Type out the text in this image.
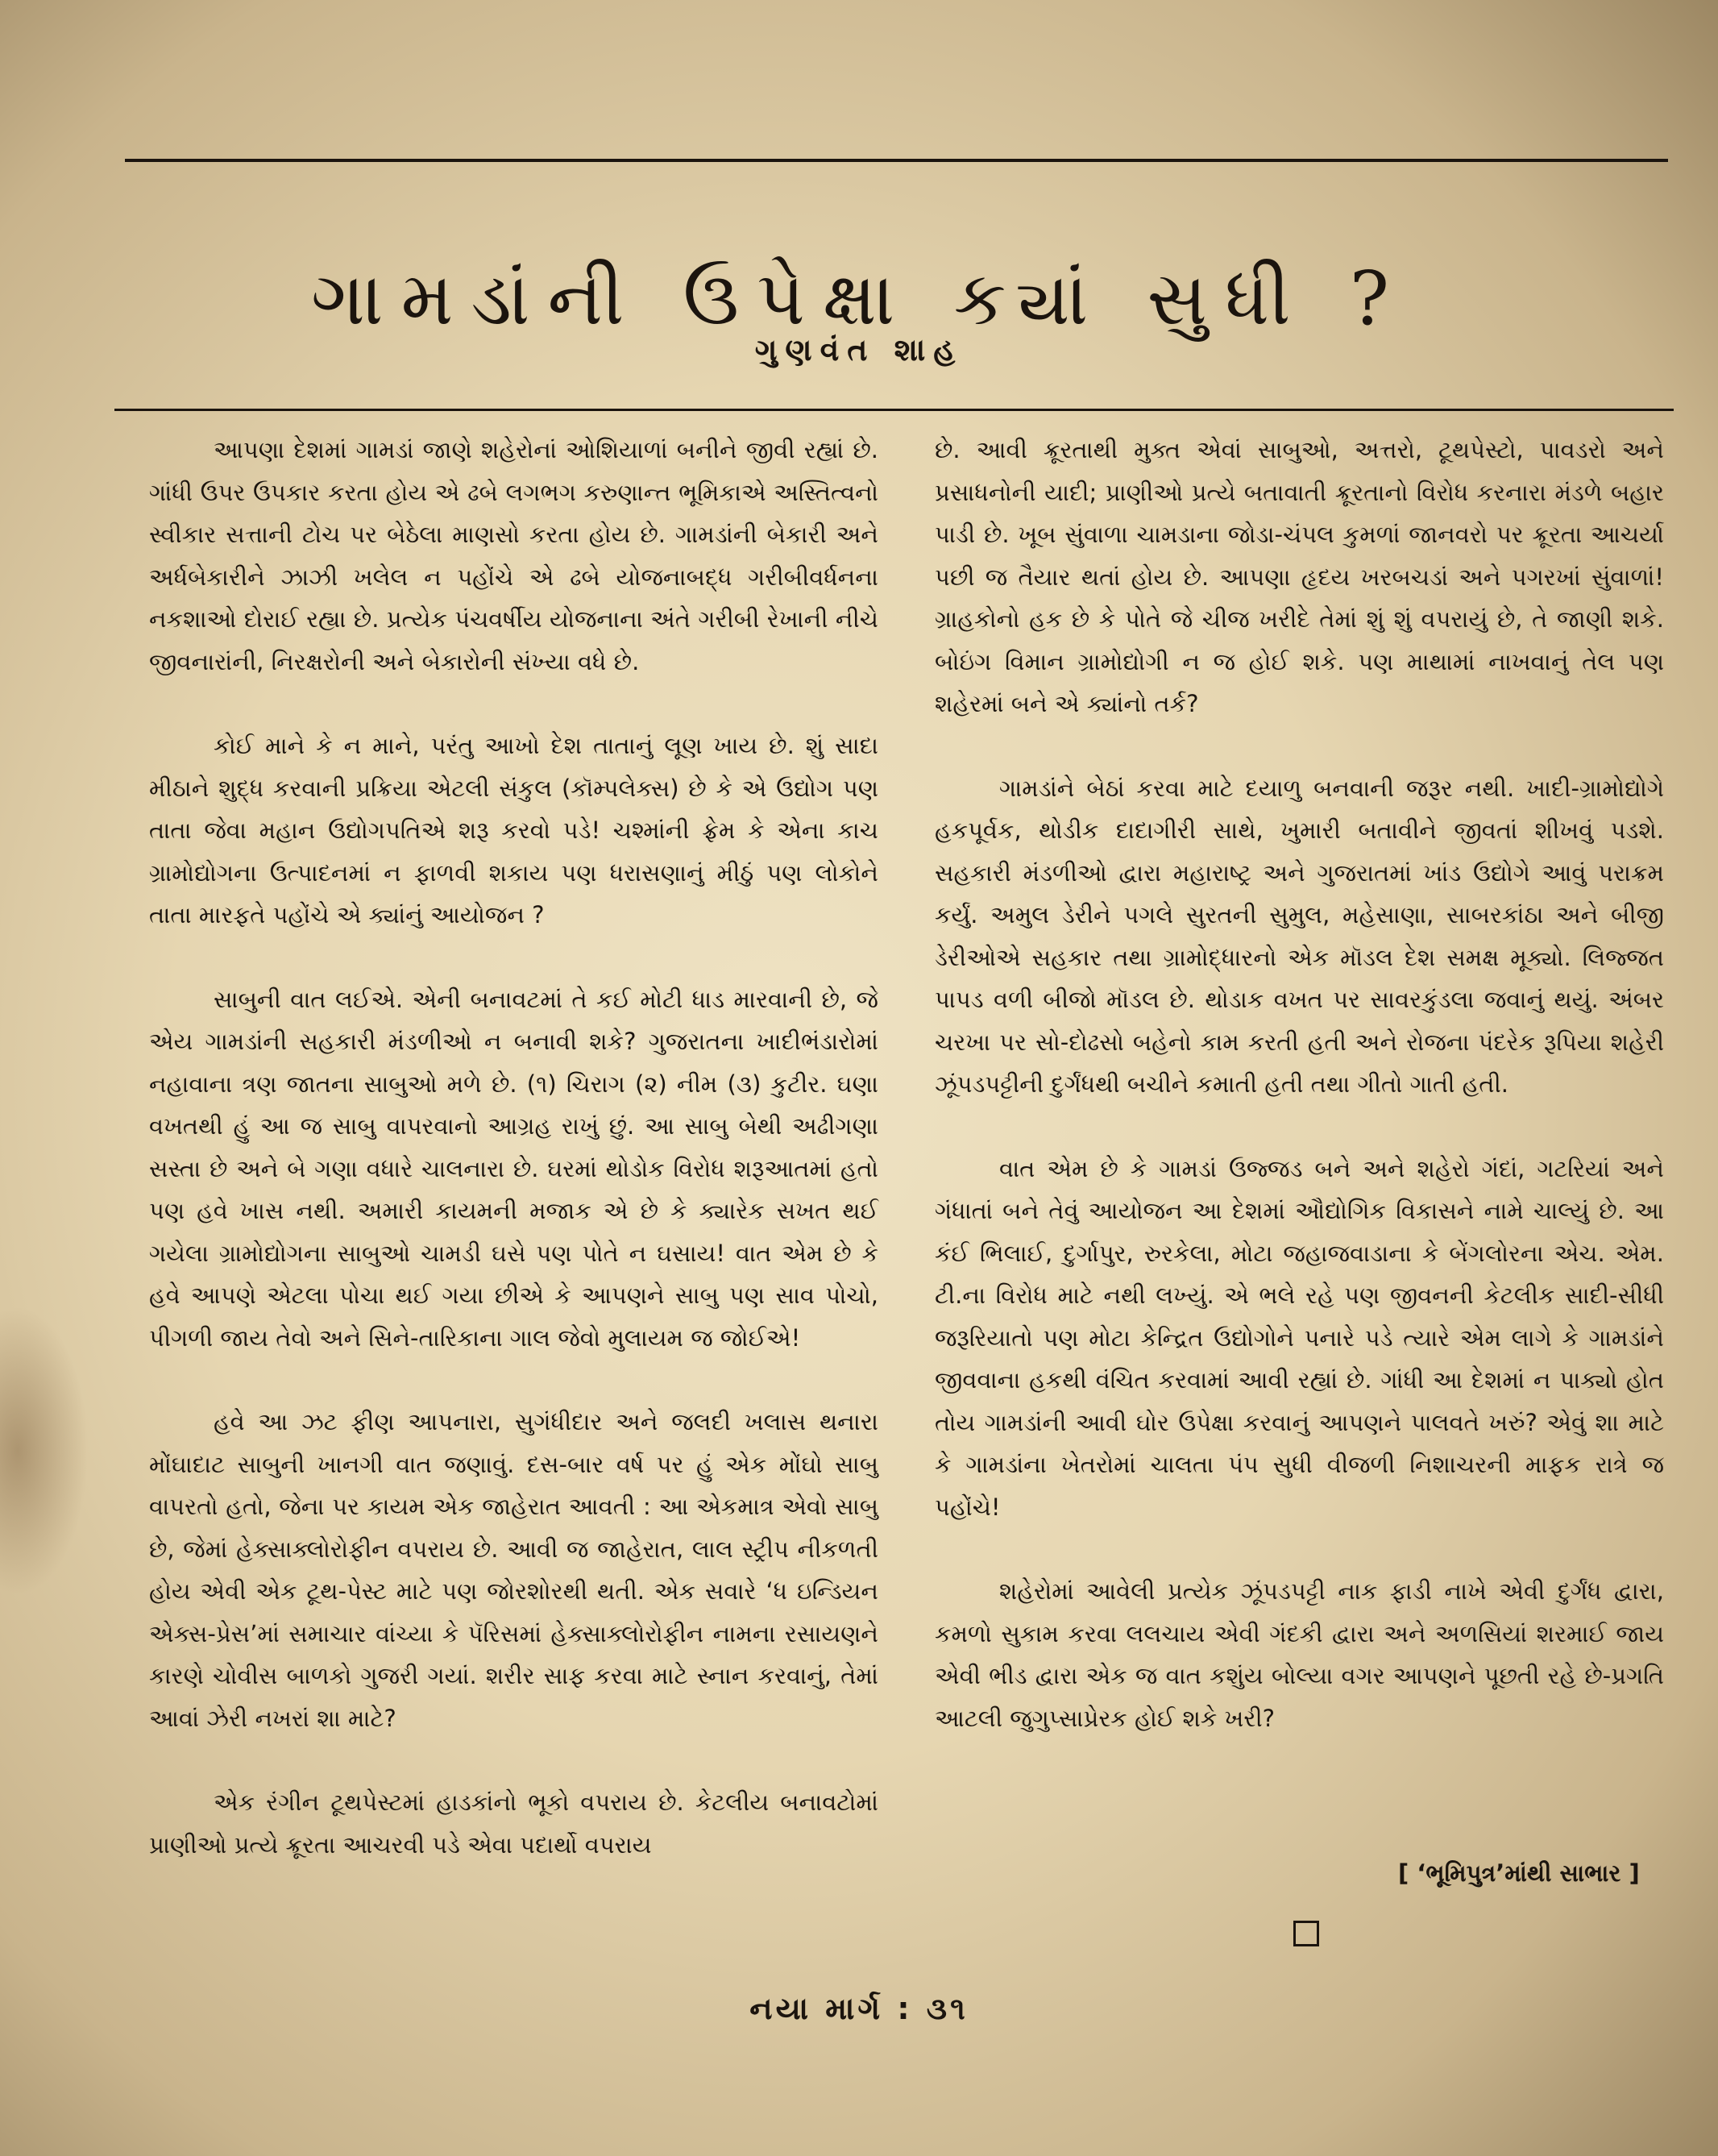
ગામડાંની ઉપેક્ષા ક્યાં સુધી ?
ગુણવંત શાહ

આપણા દેશમાં ગામડાં જાણે શહેરોનાં ઓશિયાળાં બનીને જીવી રહ્યાં છે. ગાંધી ઉપર ઉપકાર કરતા હોય એ ઢબે લગભગ કરુણાન્ત ભૂમિકાએ અસ્તિત્વનો સ્વીકાર સત્તાની ટોચ પર બેઠેલા માણસો કરતા હોય છે. ગામડાંની બેકારી અને અર્ધબેકારીને ઝાઝી ખલેલ ન પહોંચે એ ઢબે યોજનાબદ્ધ ગરીબીવર્ધનના નકશાઓ દોરાઈ રહ્યા છે. પ્રત્યેક પંચવર્ષીય યોજનાના અંતે ગરીબી રેખાની નીચે જીવનારાંની, નિરક્ષરોની અને બેકારોની સંખ્યા વધે છે.

કોઈ માને કે ન માને, પરંતુ આખો દેશ તાતાનું લૂણ ખાય છે. શું સાદા મીઠાને શુદ્ધ કરવાની પ્રક્રિયા એટલી સંકુલ (કૉમ્પલેક્સ) છે કે એ ઉદ્યોગ પણ તાતા જેવા મહાન ઉદ્યોગપતિએ શરૂ કરવો પડે! ચશ્માંની ફ્રેમ કે એના કાચ ગ્રામોદ્યોગના ઉત્પાદનમાં ન ફાળવી શકાય પણ ધરાસણાનું મીઠું પણ લોકોને તાતા મારફતે પહોંચે એ ક્યાંનું આયોજન ?

સાબુની વાત લઈએ. એની બનાવટમાં તે કઈ મોટી ધાડ મારવાની છે, જે એય ગામડાંની સહકારી મંડળીઓ ન બનાવી શકે? ગુજરાતના ખાદીભંડારોમાં નહાવાના ત્રણ જાતના સાબુઓ મળે છે. (૧) ચિરાગ (૨) નીમ (૩) કુટીર. ઘણા વખતથી હું આ જ સાબુ વાપરવાનો આગ્રહ રાખું છું. આ સાબુ બેથી અઢીગણા સસ્તા છે અને બે ગણા વધારે ચાલનારા છે. ઘરમાં થોડોક વિરોધ શરૂઆતમાં હતો પણ હવે ખાસ નથી. અમારી કાયમની મજાક એ છે કે ક્યારેક સખત થઈ ગયેલા ગ્રામોદ્યોગના સાબુઓ ચામડી ઘસે પણ પોતે ન ઘસાય! વાત એમ છે કે હવે આપણે એટલા પોચા થઈ ગયા છીએ કે આપણને સાબુ પણ સાવ પોચો, પીગળી જાય તેવો અને સિને-તારિકાના ગાલ જેવો મુલાયમ જ જોઈએ!

હવે આ ઝટ ફીણ આપનારા, સુગંધીદાર અને જલદી ખલાસ થનારા મોંઘાદાટ સાબુની ખાનગી વાત જણાવું. દસ-બાર વર્ષ પર હું એક મોંઘો સાબુ વાપરતો હતો, જેના પર કાયમ એક જાહેરાત આવતી : આ એકમાત્ર એવો સાબુ છે, જેમાં હેક્સાક્લોરોફીન વપરાય છે. આવી જ જાહેરાત, લાલ સ્ટ્રીપ નીકળતી હોય એવી એક ટૂથ-પેસ્ટ માટે પણ જોરશોરથી થતી. એક સવારે ‘ધ ઇન્ડિયન એક્સ-પ્રેસ’માં સમાચાર વાંચ્યા કે પૅરિસમાં હેક્સાક્લોરોફીન નામના રસાયણને કારણે ચોવીસ બાળકો ગુજરી ગયાં. શરીર સાફ કરવા માટે સ્નાન કરવાનું, તેમાં આવાં ઝેરી નખરાં શા માટે?

એક રંગીન ટૂથપેસ્ટમાં હાડકાંનો ભૂકો વપરાય છે. કેટલીય બનાવટોમાં પ્રાણીઓ પ્રત્યે ક્રૂરતા આચરવી પડે એવા પદાર્થો વપરાય

છે. આવી ક્રૂરતાથી મુક્ત એવાં સાબુઓ, અત્તરો, ટૂથપેસ્ટો, પાવડરો અને પ્રસાધનોની યાદી; પ્રાણીઓ પ્રત્યે બતાવાતી ક્રૂરતાનો વિરોધ કરનારા મંડળે બહાર પાડી છે. ખૂબ સુંવાળા ચામડાના જોડા-ચંપલ કુમળાં જાનવરો પર ક્રૂરતા આચર્યા પછી જ તૈયાર થતાં હોય છે. આપણા હૃદય ખરબચડાં અને પગરખાં સુંવાળાં! ગ્રાહકોનો હક છે કે પોતે જે ચીજ ખરીદે તેમાં શું શું વપરાયું છે, તે જાણી શકે. બોઇંગ વિમાન ગ્રામોદ્યોગી ન જ હોઈ શકે. પણ માથામાં નાખવાનું તેલ પણ શહેરમાં બને એ ક્યાંનો તર્ક?

ગામડાંને બેઠાં કરવા માટે દયાળુ બનવાની જરૂર નથી. ખાદી-ગ્રામોદ્યોગે હકપૂર્વક, થોડીક દાદાગીરી સાથે, ખુમારી બતાવીને જીવતાં શીખવું પડશે. સહકારી મંડળીઓ દ્વારા મહારાષ્ટ્ર અને ગુજરાતમાં ખાંડ ઉદ્યોગે આવું પરાક્રમ કર્યું. અમુલ ડેરીને પગલે સુરતની સુમુલ, મહેસાણા, સાબરકાંઠા અને બીજી ડેરીઓએ સહકાર તથા ગ્રામોદ્ધારનો એક મૉડલ દેશ સમક્ષ મૂક્યો. લિજ્જત પાપડ વળી બીજો મૉડલ છે. થોડાક વખત પર સાવરકુંડલા જવાનું થયું. અંબર ચરખા પર સો-દોઢસો બહેનો કામ કરતી હતી અને રોજના પંદરેક રૂપિયા શહેરી ઝૂંપડપટ્ટીની દુર્ગંધથી બચીને કમાતી હતી તથા ગીતો ગાતી હતી.

વાત એમ છે કે ગામડાં ઉજ્જડ બને અને શહેરો ગંદાં, ગટરિયાં અને ગંધાતાં બને તેવું આયોજન આ દેશમાં ઔદ્યોગિક વિકાસને નામે ચાલ્યું છે. આ કંઈ ભિલાઈ, દુર્ગાપુર, રુરકેલા, મોટા જહાજવાડાના કે બેંગલોરના એચ. એમ. ટી.ના વિરોધ માટે નથી લખ્યું. એ ભલે રહે પણ જીવનની કેટલીક સાદી-સીધી જરૂરિયાતો પણ મોટા કેન્દ્રિત ઉદ્યોગોને પનારે પડે ત્યારે એમ લાગે કે ગામડાંને જીવવાના હકથી વંચિત કરવામાં આવી રહ્યાં છે. ગાંધી આ દેશમાં ન પાક્યો હોત તોય ગામડાંની આવી ઘોર ઉપેક્ષા કરવાનું આપણને પાલવતે ખરું? એવું શા માટે કે ગામડાંના ખેતરોમાં ચાલતા પંપ સુધી વીજળી નિશાચરની માફક રાત્રે જ પહોંચે!

શહેરોમાં આવેલી પ્રત્યેક ઝૂંપડપટ્ટી નાક ફાડી નાખે એવી દુર્ગંધ દ્વારા, કમળો સુકામ કરવા લલચાય એવી ગંદકી દ્વારા અને અળસિયાં શરમાઈ જાય એવી ભીડ દ્વારા એક જ વાત કશુંય બોલ્યા વગર આપણને પૂછતી રહે છે-પ્રગતિ આટલી જુગુપ્સાપ્રેરક હોઈ શકે ખરી?

[ ‘ભૂમિપુત્ર’માંથી સાભાર ]
નયા માર્ગ : ૩૧
